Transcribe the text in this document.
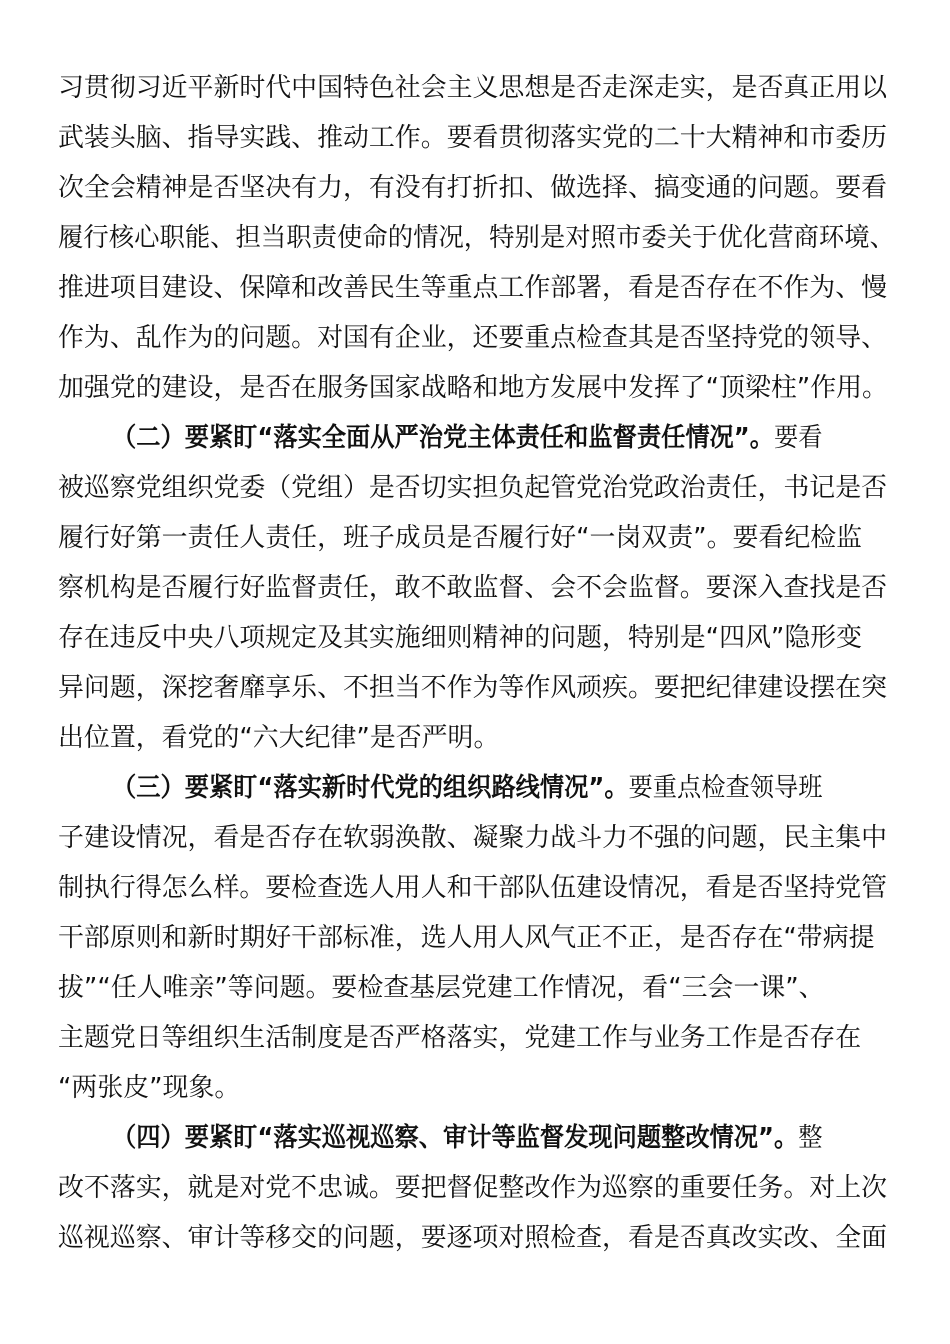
习贯彻习近平新时代中国特色社会主义思想是否走深走实，是否真正用以
武装头脑、指导实践、推动工作。要看贯彻落实党的二十大精神和市委历
次全会精神是否坚决有力，有没有打折扣、做选择、搞变通的问题。要看
履行核心职能、担当职责使命的情况，特别是对照市委关于优化营商环境、
推进项目建设、保障和改善民生等重点工作部署，看是否存在不作为、慢
作为、乱作为的问题。对国有企业，还要重点检查其是否坚持党的领导、
加强党的建设，是否在服务国家战略和地方发展中发挥了“顶梁柱”作用。
（二）要紧盯“落实全面从严治党主体责任和监督责任情况”。要看
被巡察党组织党委（党组）是否切实担负起管党治党政治责任，书记是否
履行好第一责任人责任，班子成员是否履行好“一岗双责”。要看纪检监
察机构是否履行好监督责任，敢不敢监督、会不会监督。要深入查找是否
存在违反中央八项规定及其实施细则精神的问题，特别是“四风”隐形变
异问题，深挖奢靡享乐、不担当不作为等作风顽疾。要把纪律建设摆在突
出位置，看党的“六大纪律”是否严明。
（三）要紧盯“落实新时代党的组织路线情况”。要重点检查领导班
子建设情况，看是否存在软弱涣散、凝聚力战斗力不强的问题，民主集中
制执行得怎么样。要检查选人用人和干部队伍建设情况，看是否坚持党管
干部原则和新时期好干部标准，选人用人风气正不正，是否存在“带病提
拔”“任人唯亲”等问题。要检查基层党建工作情况，看“三会一课”、
主题党日等组织生活制度是否严格落实，党建工作与业务工作是否存在
“两张皮”现象。
（四）要紧盯“落实巡视巡察、审计等监督发现问题整改情况”。整
改不落实，就是对党不忠诚。要把督促整改作为巡察的重要任务。对上次
巡视巡察、审计等移交的问题，要逐项对照检查，看是否真改实改、全面
